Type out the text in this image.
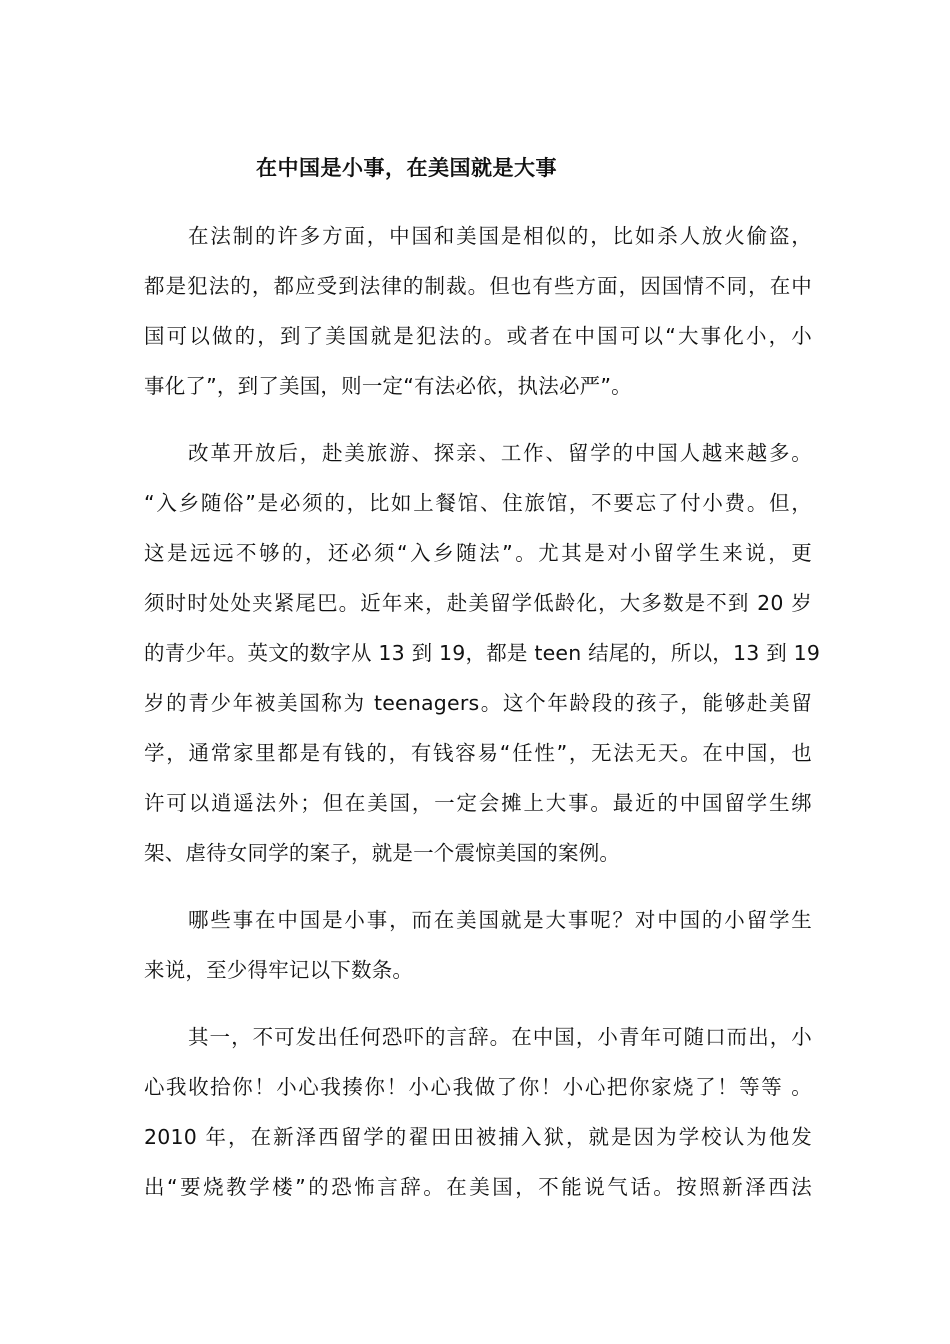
在中国是小事，在美国就是大事
在法制的许多方面，中国和美国是相似的，比如杀人放火偷盗，
都是犯法的，都应受到法律的制裁。但也有些方面，因国情不同，在中
国可以做的，到了美国就是犯法的。或者在中国可以“大事化小，小
事化了”，到了美国，则一定“有法必依，执法必严”。
改革开放后，赴美旅游、探亲、工作、留学的中国人越来越多。
“入乡随俗”是必须的，比如上餐馆、住旅馆，不要忘了付小费。但，
这是远远不够的，还必须“入乡随法”。尤其是对小留学生来说，更
须时时处处夹紧尾巴。近年来，赴美留学低龄化，大多数是不到 20 岁
的青少年。英文的数字从 13 到 19，都是 teen 结尾的，所以，13 到 19
岁的青少年被美国称为 teenagers。这个年龄段的孩子，能够赴美留
学，通常家里都是有钱的，有钱容易“任性”，无法无天。在中国，也
许可以逍遥法外；但在美国，一定会摊上大事。最近的中国留学生绑
架、虐待女同学的案子，就是一个震惊美国的案例。
哪些事在中国是小事，而在美国就是大事呢？对中国的小留学生
来说，至少得牢记以下数条。
其一，不可发出任何恐吓的言辞。在中国，小青年可随口而出，小
心我收拾你！小心我揍你！小心我做了你！小心把你家烧了！等等 。
2010 年，在新泽西留学的翟田田被捕入狱，就是因为学校认为他发
出“要烧教学楼”的恐怖言辞。在美国，不能说气话。按照新泽西法
